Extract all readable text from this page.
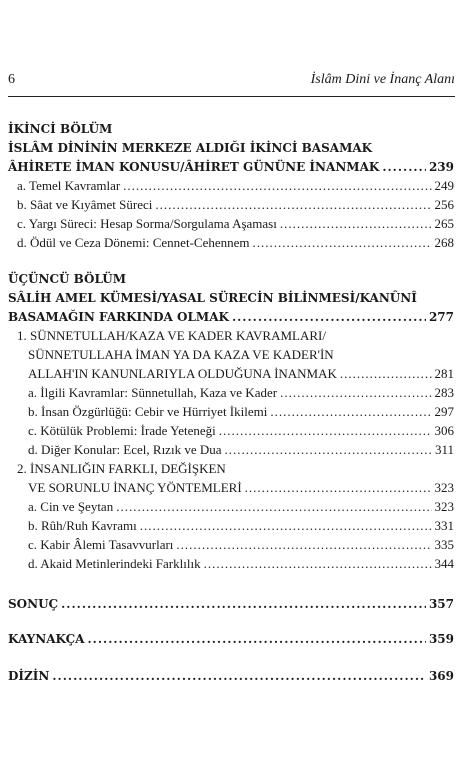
6	İslâm Dini ve İnanç Alanı
İKİNCİ BÖLÜM
İSLÂM DİNİNİN MERKEZE ALDIĞI İKİNCİ BASAMAK
ÂHİRETE İMAN KONUSU/ÂHİRET GÜNÜNE İNANMAK .....	239
a. Temel Kavramlar .....	249
b. Sâat ve Kıyâmet Süreci .....	256
c. Yargı Süreci: Hesap Sorma/Sorgulama Aşaması .....	265
d. Ödül ve Ceza Dönemi: Cennet-Cehennem .....	268
ÜÇÜNCÜ BÖLÜM
SÂLİH AMEL KÜMESİ/YASAL SÜRECİN BİLİNMESİ/KANÛNÎ
BASAMAĞIN FARKINDA OLMAK .....	277
1. SÜNNETULLAH/KAZA VE KADER KAVRAMLARI/
SÜNNETULLAHA İMAN YA DA KAZA VE KADER'İN
ALLAH'IN KANUNLARIYLA OLDUĞUNA İNANMAK .....	281
a. İlgili Kavramlar: Sünnetullah, Kaza ve Kader .....	283
b. İnsan Özgürlüğü: Cebir ve Hürriyet İkilemi .....	297
c. Kötülük Problemi: İrade Yeteneği .....	306
d. Diğer Konular: Ecel, Rızık ve Dua .....	311
2. İNSANLIĞIN FARKLI, DEĞİŞKEN
VE SORUNLU İNANÇ YÖNTEMLERİ .....	323
a. Cin ve Şeytan .....	323
b. Rûh/Ruh Kavramı .....	331
c. Kabir Âlemi Tasavvurları .....	335
d. Akaid Metinlerindeki Farklılık .....	344
SONUÇ .....	357
KAYNAKÇA .....	359
DİZİN .....	369
